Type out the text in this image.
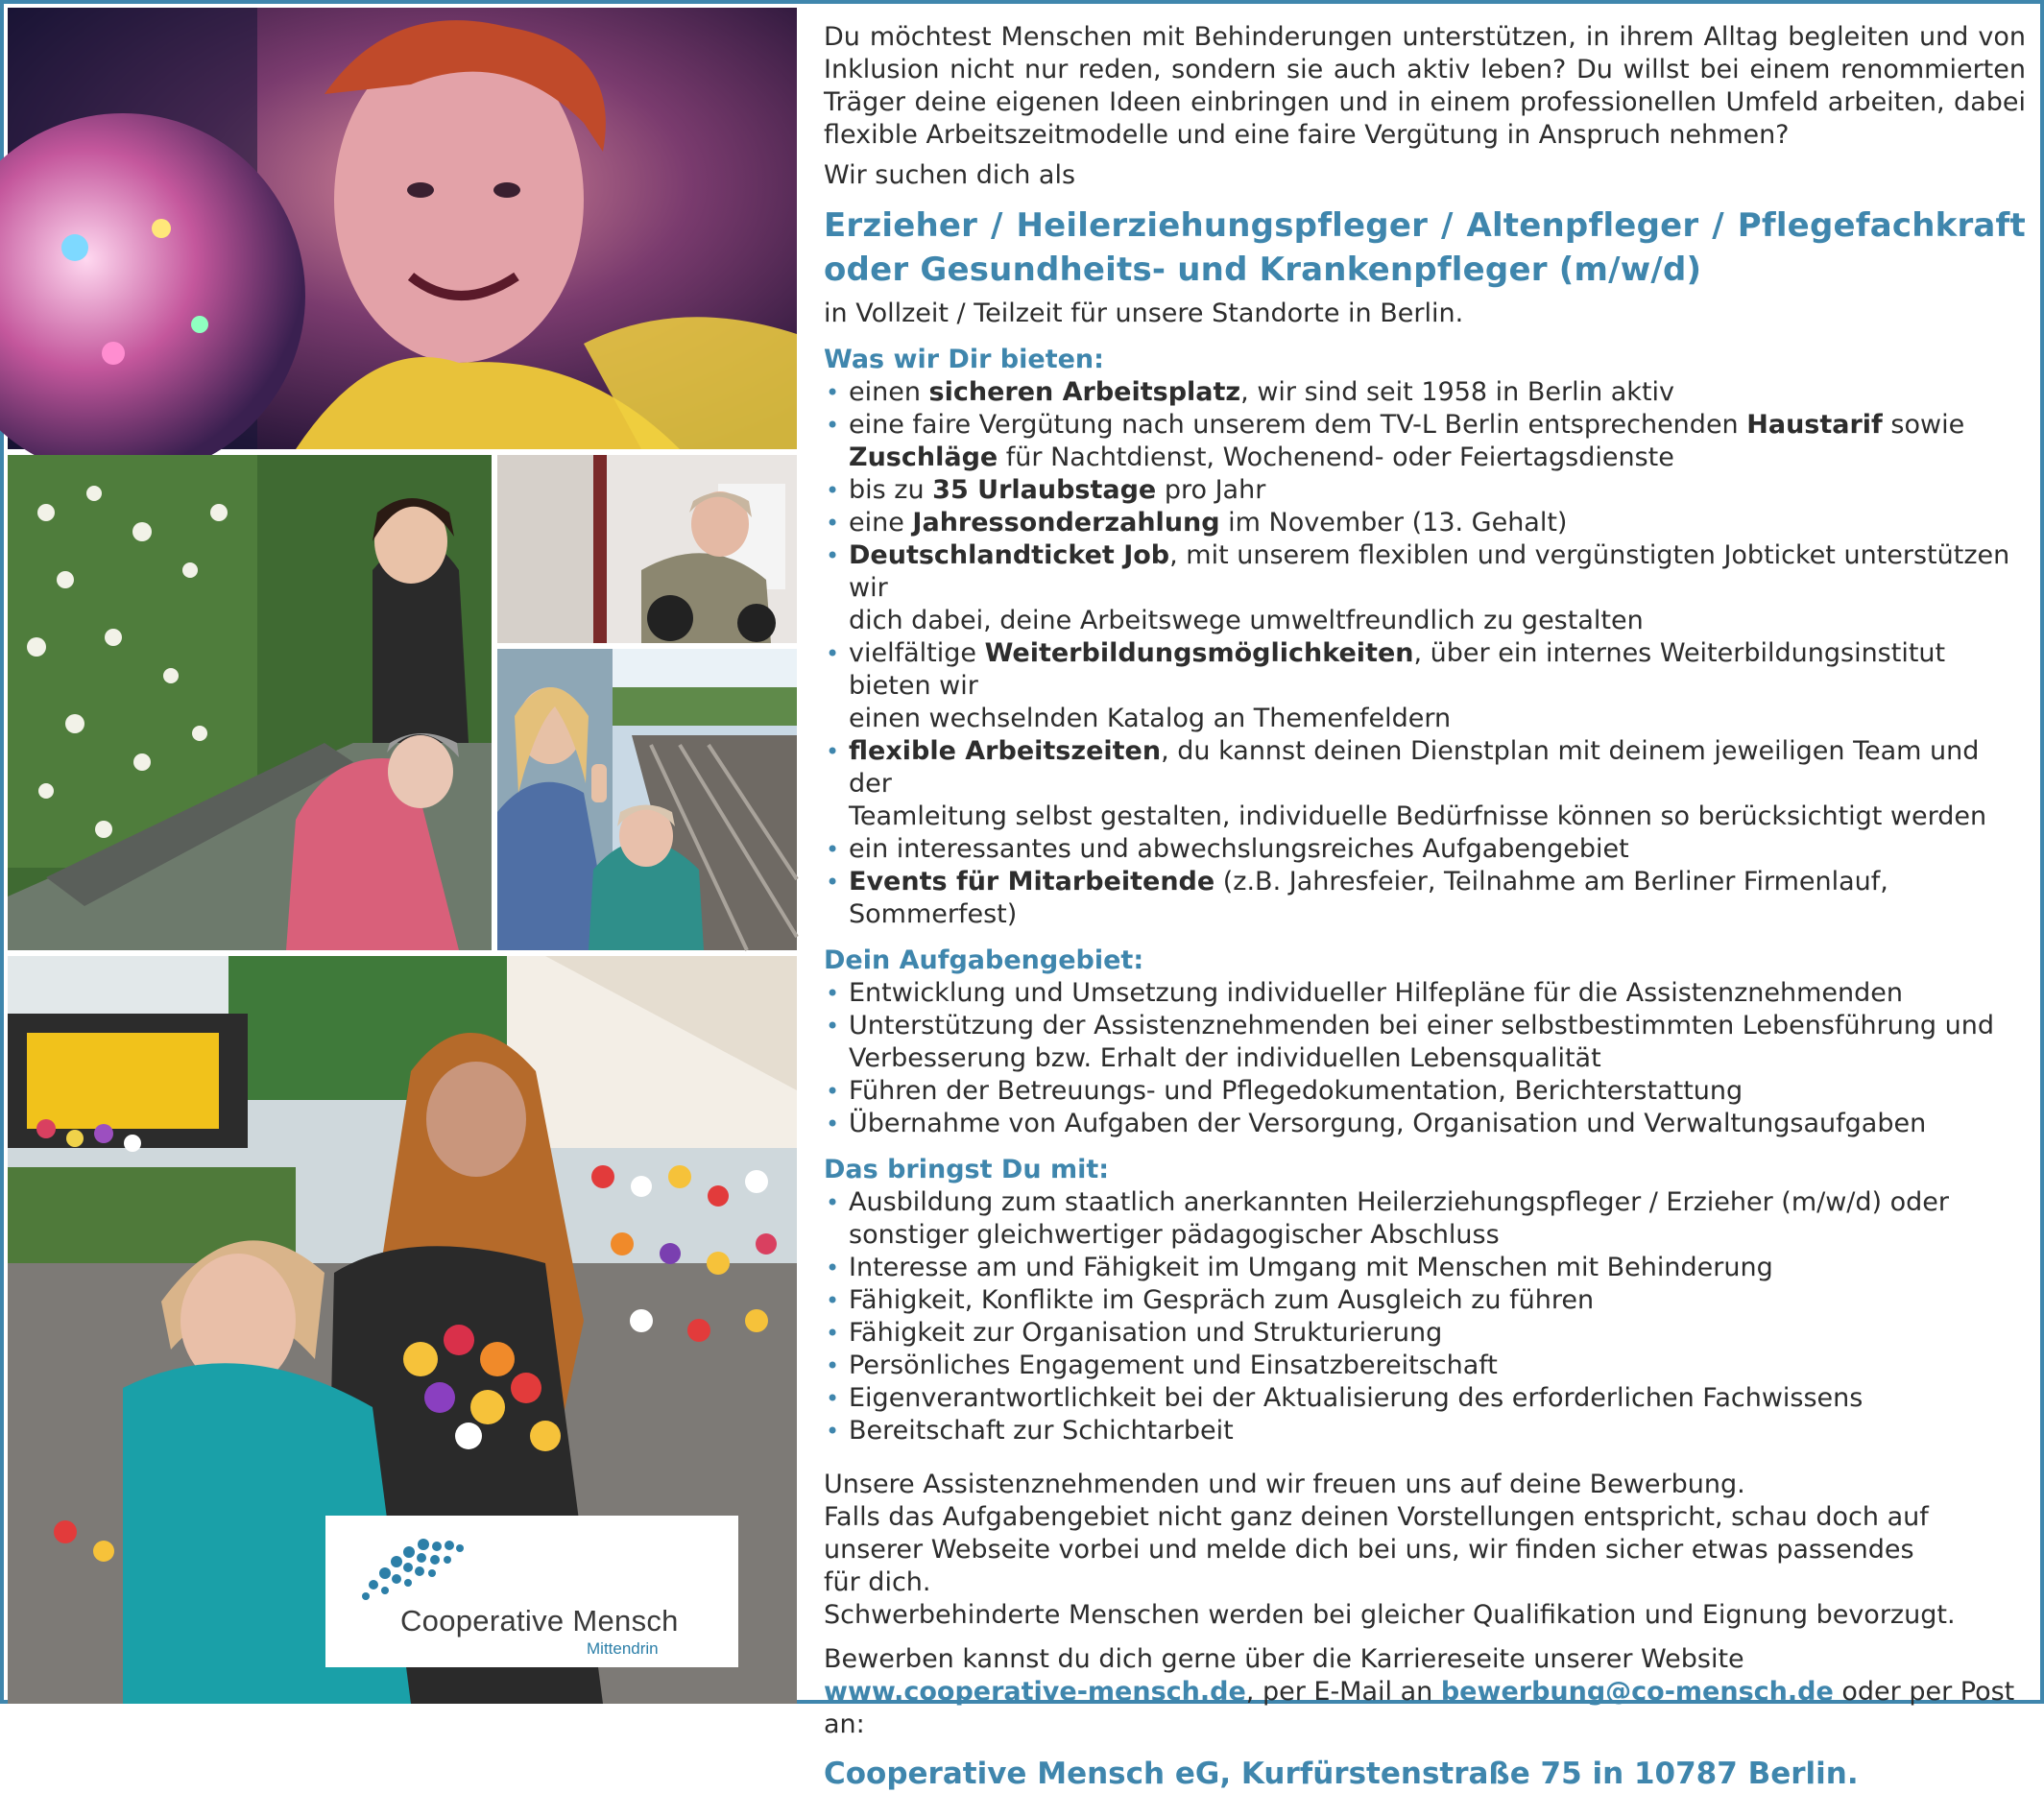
Cooperative Mensch
Mittendrin
Du möchtest Menschen mit Behinderungen unterstützen, in ihrem Alltag begleiten und von
Inklusion nicht nur reden, sondern sie auch aktiv leben? Du willst bei einem renommierten
Träger deine eigenen Ideen einbringen und in einem professionellen Umfeld arbeiten, dabei
flexible Arbeitszeitmodelle und eine faire Vergütung in Anspruch nehmen?
Wir suchen dich als
Erzieher / Heilerziehungspfleger / Altenpfleger / Pflegefachkraft
oder Gesundheits- und Krankenpfleger (m/w/d)
in Vollzeit / Teilzeit für unsere Standorte in Berlin.
Was wir Dir bieten:
• einen sicheren Arbeitsplatz, wir sind seit 1958 in Berlin aktiv
• eine faire Vergütung nach unserem dem TV-L Berlin entsprechenden Haustarif sowie
Zuschläge für Nachtdienst, Wochenend- oder Feiertagsdienste
• bis zu 35 Urlaubstage pro Jahr
• eine Jahressonderzahlung im November (13. Gehalt)
• Deutschlandticket Job, mit unserem flexiblen und vergünstigten Jobticket unterstützen wir
dich dabei, deine Arbeitswege umweltfreundlich zu gestalten
• vielfältige Weiterbildungsmöglichkeiten, über ein internes Weiterbildungsinstitut bieten wir
einen wechselnden Katalog an Themenfeldern
• flexible Arbeitszeiten, du kannst deinen Dienstplan mit deinem jeweiligen Team und der
Teamleitung selbst gestalten, individuelle Bedürfnisse können so berücksichtigt werden
• ein interessantes und abwechslungsreiches Aufgabengebiet
• Events für Mitarbeitende (z.B. Jahresfeier, Teilnahme am Berliner Firmenlauf, Sommerfest)
Dein Aufgabengebiet:
• Entwicklung und Umsetzung individueller Hilfepläne für die Assistenznehmenden
• Unterstützung der Assistenznehmenden bei einer selbstbestimmten Lebensführung und
Verbesserung bzw. Erhalt der individuellen Lebensqualität
• Führen der Betreuungs- und Pflegedokumentation, Berichterstattung
• Übernahme von Aufgaben der Versorgung, Organisation und Verwaltungsaufgaben
Das bringst Du mit:
• Ausbildung zum staatlich anerkannten Heilerziehungspfleger / Erzieher (m/w/d) oder
sonstiger gleichwertiger pädagogischer Abschluss
• Interesse am und Fähigkeit im Umgang mit Menschen mit Behinderung
• Fähigkeit, Konflikte im Gespräch zum Ausgleich zu führen
• Fähigkeit zur Organisation und Strukturierung
• Persönliches Engagement und Einsatzbereitschaft
• Eigenverantwortlichkeit bei der Aktualisierung des erforderlichen Fachwissens
• Bereitschaft zur Schichtarbeit

Unsere Assistenznehmenden und wir freuen uns auf deine Bewerbung.

Falls das Aufgabengebiet nicht ganz deinen Vorstellungen entspricht, schau doch auf

unserer Webseite vorbei und melde dich bei uns, wir finden sicher etwas passendes

für dich.

Schwerbehinderte Menschen werden bei gleicher Qualifikation und Eignung bevorzugt.

Bewerben kannst du dich gerne über die Karriereseite unserer Website

www.cooperative-mensch.de, per E-Mail an bewerbung@co-mensch.de oder per Post

an:

Cooperative Mensch eG, Kurfürstenstraße 75 in 10787 Berlin.
